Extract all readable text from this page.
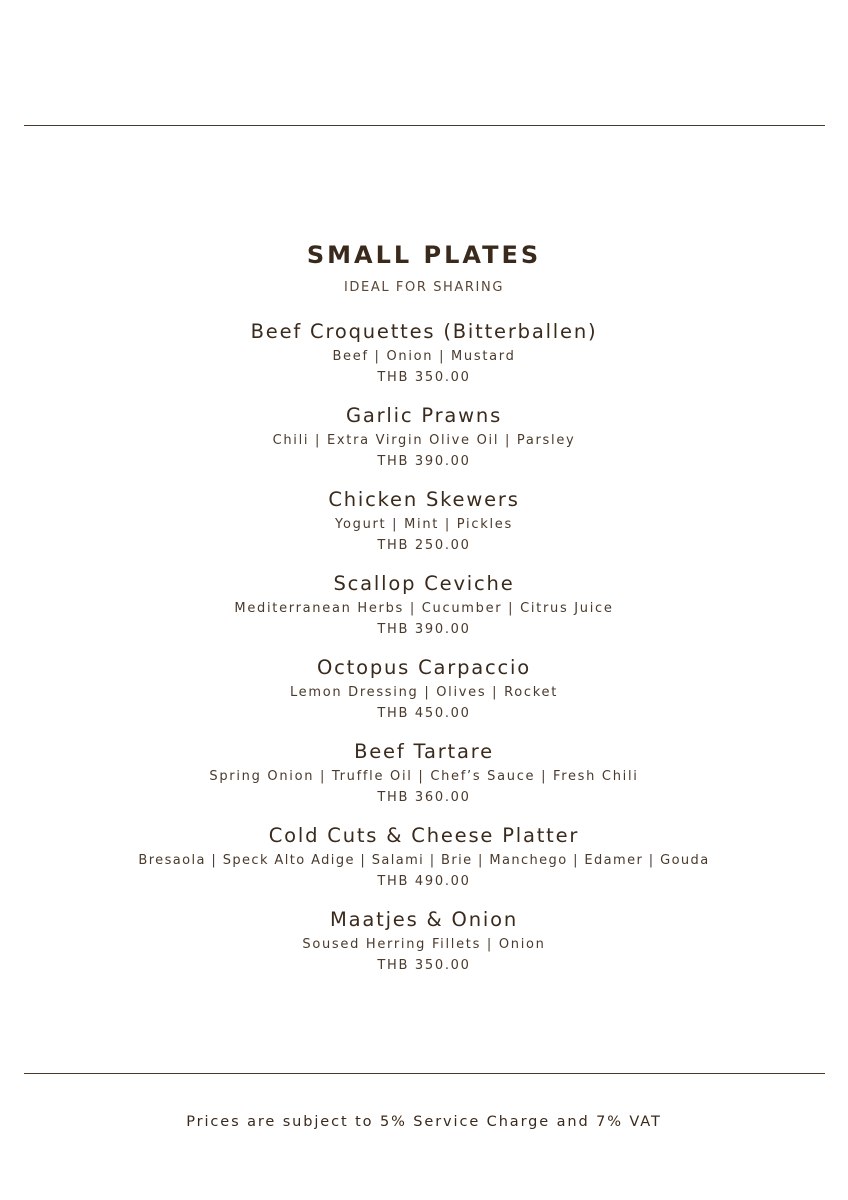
SMALL PLATES
IDEAL FOR SHARING
Beef Croquettes (Bitterballen)
Beef | Onion | Mustard
THB 350.00
Garlic Prawns
Chili | Extra Virgin Olive Oil | Parsley
THB 390.00
Chicken Skewers
Yogurt | Mint | Pickles
THB 250.00
Scallop Ceviche
Mediterranean Herbs | Cucumber | Citrus Juice
THB 390.00
Octopus Carpaccio
Lemon Dressing | Olives | Rocket
THB 450.00
Beef Tartare
Spring Onion | Truffle Oil | Chef’s Sauce | Fresh Chili
THB 360.00
Cold Cuts & Cheese Platter
Bresaola | Speck Alto Adige | Salami | Brie | Manchego | Edamer | Gouda
THB 490.00
Maatjes & Onion
Soused Herring Fillets | Onion
THB 350.00
Prices are subject to 5% Service Charge and 7% VAT
